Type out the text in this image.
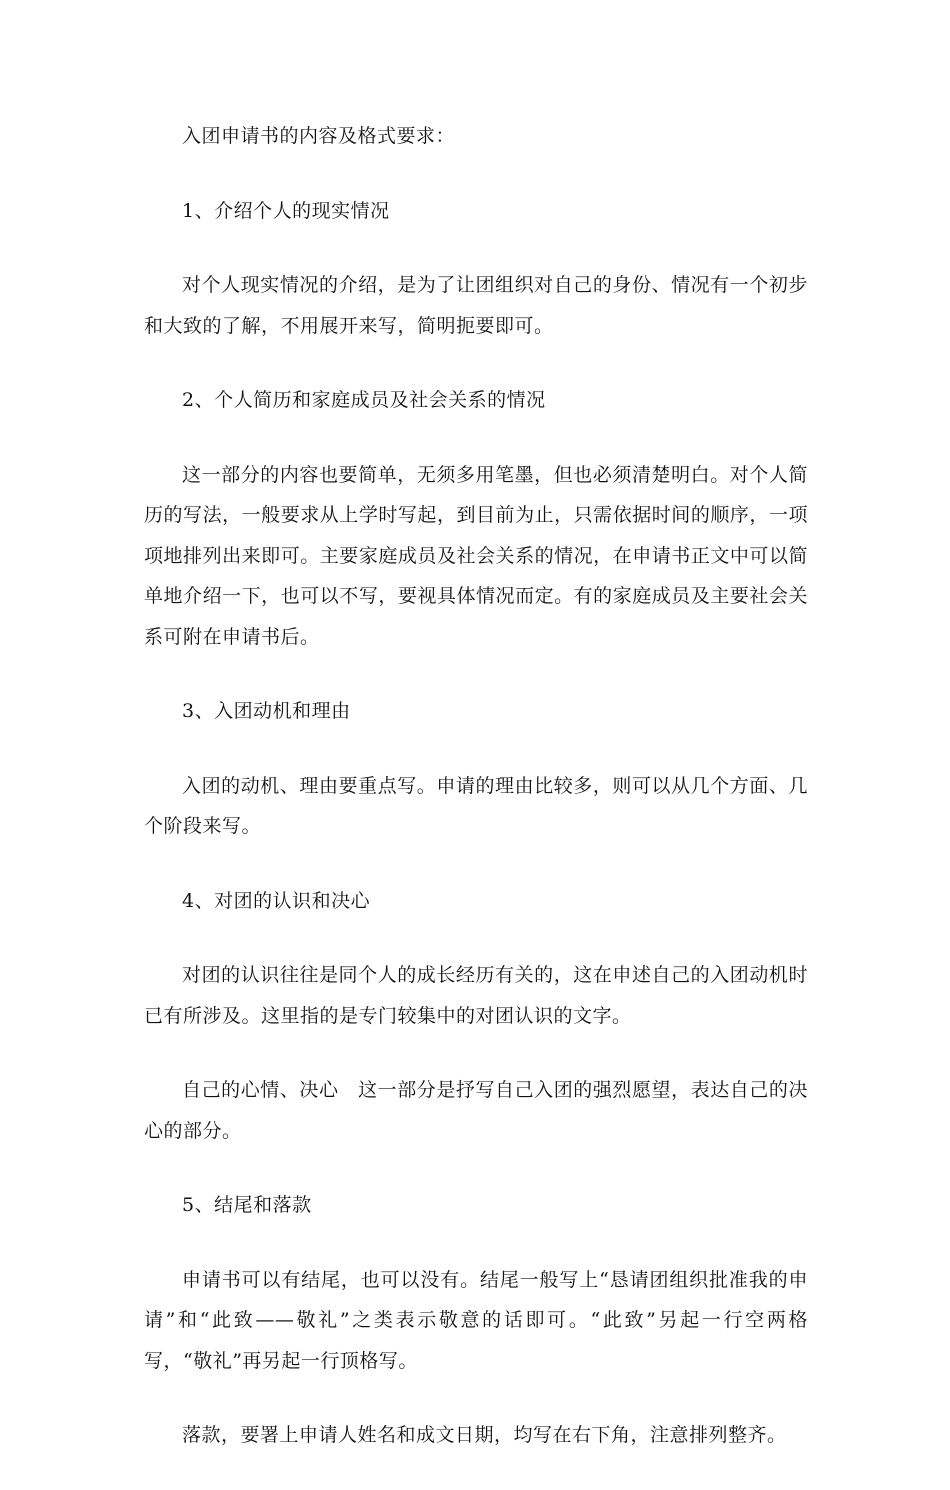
入团申请书的内容及格式要求：

1、介绍个人的现实情况

对个人现实情况的介绍，是为了让团组织对自己的身份、情况有一个初步和大致的了解，不用展开来写，简明扼要即可。

2、个人简历和家庭成员及社会关系的情况

这一部分的内容也要简单，无须多用笔墨，但也必须清楚明白。对个人简历的写法，一般要求从上学时写起，到目前为止，只需依据时间的顺序，一项项地排列出来即可。主要家庭成员及社会关系的情况，在申请书正文中可以简单地介绍一下，也可以不写，要视具体情况而定。有的家庭成员及主要社会关系可附在申请书后。

3、入团动机和理由

入团的动机、理由要重点写。申请的理由比较多，则可以从几个方面、几个阶段来写。

4、对团的认识和决心

对团的认识往往是同个人的成长经历有关的，这在申述自己的入团动机时已有所涉及。这里指的是专门较集中的对团认识的文字。

自己的心情、决心　这一部分是抒写自己入团的强烈愿望，表达自己的决心的部分。

5、结尾和落款

申请书可以有结尾，也可以没有。结尾一般写上“恳请团组织批准我的申请”和“此致——敬礼”之类表示敬意的话即可。“此致”另起一行空两格写，“敬礼”再另起一行顶格写。

落款，要署上申请人姓名和成文日期，均写在右下角，注意排列整齐。
